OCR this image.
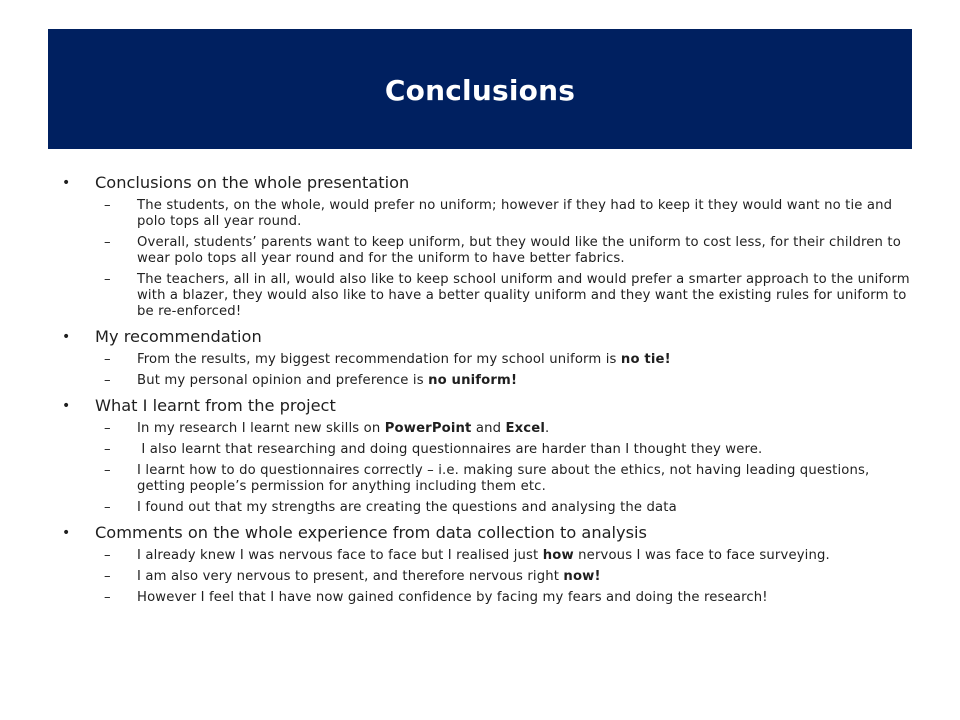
Conclusions
• Conclusions on the whole presentation
– The students, on the whole, would prefer no uniform; however if they had to keep it they would want no tie and polo tops all year round.
– Overall, students’ parents want to keep uniform, but they would like the uniform to cost less, for their children to wear polo tops all year round and for the uniform to have better fabrics.
– The teachers, all in all, would also like to keep school uniform and would prefer a smarter approach to the uniform with a blazer, they would also like to have a better quality uniform and they want the existing rules for uniform to be re-enforced!
• My recommendation
– From the results, my biggest recommendation for my school uniform is no tie!
– But my personal opinion and preference is no uniform!
• What I learnt from the project
– In my research I learnt new skills on PowerPoint and Excel.
– I also learnt that researching and doing questionnaires are harder than I thought they were.
– I learnt how to do questionnaires correctly – i.e. making sure about the ethics, not having leading questions, getting people’s permission for anything including them etc.
– I found out that my strengths are creating the questions and analysing the data
• Comments on the whole experience from data collection to analysis
– I already knew I was nervous face to face but I realised just how nervous I was face to face surveying.
– I am also very nervous to present, and therefore nervous right now!
– However I feel that I have now gained confidence by facing my fears and doing the research!
